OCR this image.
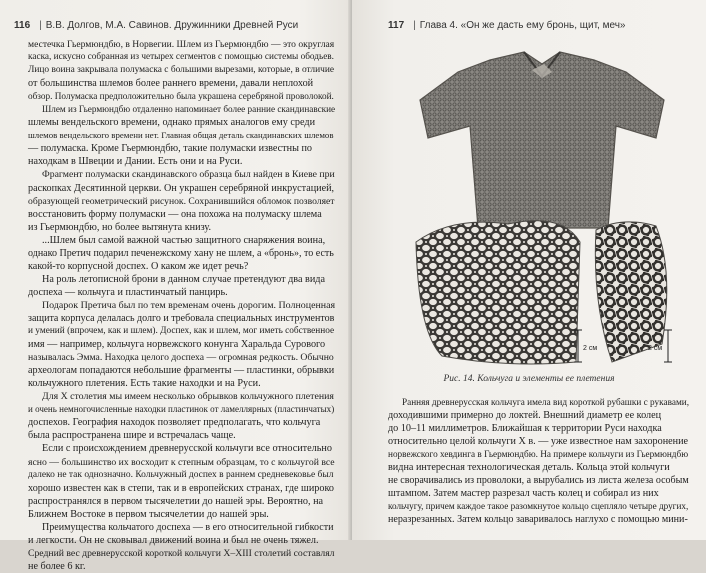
116 | В.В. Долгов, М.А. Савинов. Дружинники Древней Руси
местечка Гьермюндбю, в Норвегии. Шлем из Гьермюндбю — это округлая
каска, искусно собранная из четырех сегментов с помощью системы ободьев.
Лицо воина закрывала полумаска с большими вырезами, которые, в отличие
от большинства шлемов более раннего времени, давали неплохой
обзор. Полумаска предположительно была украшена серебряной проволокой.
Шлем из Гьермюндбю отдаленно напоминает более ранние скандинавские
шлемы вендельского времени, однако прямых аналогов ему среди
шлемов вендельского времени нет. Главная общая деталь скандинавских шлемов
— полумаска. Кроме Гьермюндбю, такие полумаски известны по
находкам в Швеции и Дании. Есть они и на Руси.
Фрагмент полумаски скандинавского образца был найден в Киеве при
раскопках Десятинной церкви. Он украшен серебряной инкрустацией,
образующей геометрический рисунок. Сохранившийся обломок позволяет
восстановить форму полумаски — она похожа на полумаску шлема
из Гьермюндбю, но более вытянута книзу.
...Шлем был самой важной частью защитного снаряжения воина,
однако Претич подарил печенежскому хану не шлем, а «бронь», то есть
какой-то корпусной доспех. О каком же идет речь?
На роль летописной брони в данном случае претендуют два вида
доспеха — кольчуга и пластинчатый панцирь.
Подарок Претича был по тем временам очень дорогим. Полноценная
защита корпуса делалась долго и требовала специальных инструментов
и умений (впрочем, как и шлем). Доспех, как и шлем, мог иметь собственное
имя — например, кольчуга норвежского конунга Харальда Сурового
называлась Эмма. Находка целого доспеха — огромная редкость. Обычно
археологам попадаются небольшие фрагменты — пластинки, обрывки
кольчужного плетения. Есть такие находки и на Руси.
Для X столетия мы имеем несколько обрывков кольчужного плетения
и очень немногочисленные находки пластинок от ламеллярных (пластинчатых)
доспехов. География находок позволяет предполагать, что кольчуга
была распространена шире и встречалась чаще.
Если с происхождением древнерусской кольчуги все относительно
ясно — большинство их восходит к степным образцам, то с кольчугой все
далеко не так однозначно. Кольчужный доспех в раннем средневековье был
хорошо известен как в степи, так и в европейских странах, где широко
распространялся в первом тысячелетии до нашей эры. Вероятно, на
Ближнем Востоке в первом тысячелетии до нашей эры.
Преимущества кольчатого доспеха — в его относительной гибкости
и легкости. Он не сковывал движений воина и был не очень тяжел.
Средний вес древнерусской короткой кольчуги X–XIII столетий составлял
не более 6 кг.
117 | Глава 4. «Он же дасть ему бронь, щит, меч»
2 см	2 см
Рис. 14. Кольчуга и элементы ее плетения
Ранняя древнерусская кольчуга имела вид короткой рубашки с рукавами,
доходившими примерно до локтей. Внешний диаметр ее колец
до 10–11 миллиметров. Ближайшая к территории Руси находка
относительно целой кольчуги X в. — уже известное нам захоронение
норвежского хевдинга в Гьермюндбю. На примере кольчуги из Гьермюндбю
видна интересная технологическая деталь. Кольца этой кольчуги
не сворачивались из проволоки, а вырубались из листа железа особым
штампом. Затем мастер разрезал часть колец и собирал из них
кольчугу, причем каждое такое разомкнутое кольцо сцепляло четыре других,
неразрезанных. Затем кольцо заваривалось наглухо с помощью мини-
